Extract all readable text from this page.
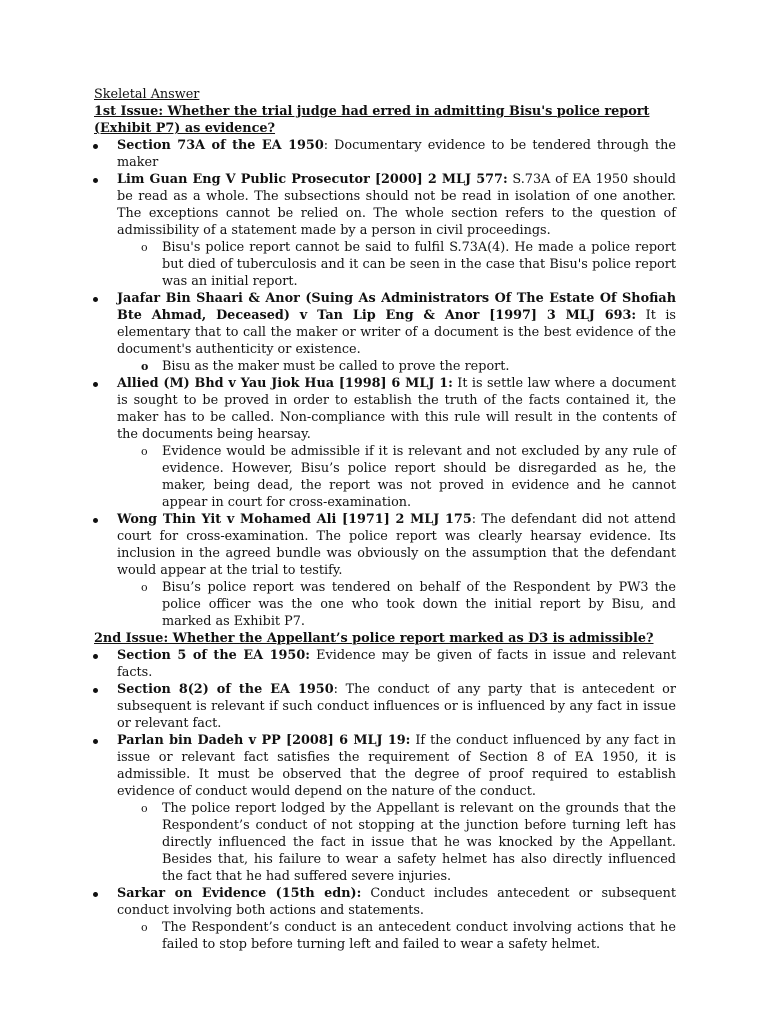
Skeletal Answer
1st Issue: Whether the trial judge had erred in admitting Bisu's police report (Exhibit P7) as evidence?
Section 73A of the EA 1950: Documentary evidence to be tendered through the maker
Lim Guan Eng V Public Prosecutor [2000] 2 MLJ 577: S.73A of EA 1950 should be read as a whole. The subsections should not be read in isolation of one another. The exceptions cannot be relied on. The whole section refers to the question of admissibility of a statement made by a person in civil proceedings.
o Bisu's police report cannot be said to fulfil S.73A(4). He made a police report but died of tuberculosis and it can be seen in the case that Bisu's police report was an initial report.
Jaafar Bin Shaari & Anor (Suing As Administrators Of The Estate Of Shofiah Bte Ahmad, Deceased) v Tan Lip Eng & Anor [1997] 3 MLJ 693: It is elementary that to call the maker or writer of a document is the best evidence of the document's authenticity or existence.
o Bisu as the maker must be called to prove the report.
Allied (M) Bhd v Yau Jiok Hua [1998] 6 MLJ 1: It is settle law where a document is sought to be proved in order to establish the truth of the facts contained it, the maker has to be called. Non-compliance with this rule will result in the contents of the documents being hearsay.
o Evidence would be admissible if it is relevant and not excluded by any rule of evidence. However, Bisu’s police report should be disregarded as he, the maker, being dead, the report was not proved in evidence and he cannot appear in court for cross-examination.
Wong Thin Yit v Mohamed Ali [1971] 2 MLJ 175: The defendant did not attend court for cross-examination. The police report was clearly hearsay evidence. Its inclusion in the agreed bundle was obviously on the assumption that the defendant would appear at the trial to testify.
o Bisu’s police report was tendered on behalf of the Respondent by PW3 the police officer was the one who took down the initial report by Bisu, and marked as Exhibit P7.
2nd Issue: Whether the Appellant’s police report marked as D3 is admissible?
Section 5 of the EA 1950: Evidence may be given of facts in issue and relevant facts.
Section 8(2) of the EA 1950: The conduct of any party that is antecedent or subsequent is relevant if such conduct influences or is influenced by any fact in issue or relevant fact.
Parlan bin Dadeh v PP [2008] 6 MLJ 19: If the conduct influenced by any fact in issue or relevant fact satisfies the requirement of Section 8 of EA 1950, it is admissible. It must be observed that the degree of proof required to establish evidence of conduct would depend on the nature of the conduct.
o The police report lodged by the Appellant is relevant on the grounds that the Respondent’s conduct of not stopping at the junction before turning left has directly influenced the fact in issue that he was knocked by the Appellant. Besides that, his failure to wear a safety helmet has also directly influenced the fact that he had suffered severe injuries.
Sarkar on Evidence (15th edn): Conduct includes antecedent or subsequent conduct involving both actions and statements.
o The Respondent’s conduct is an antecedent conduct involving actions that he failed to stop before turning left and failed to wear a safety helmet.
